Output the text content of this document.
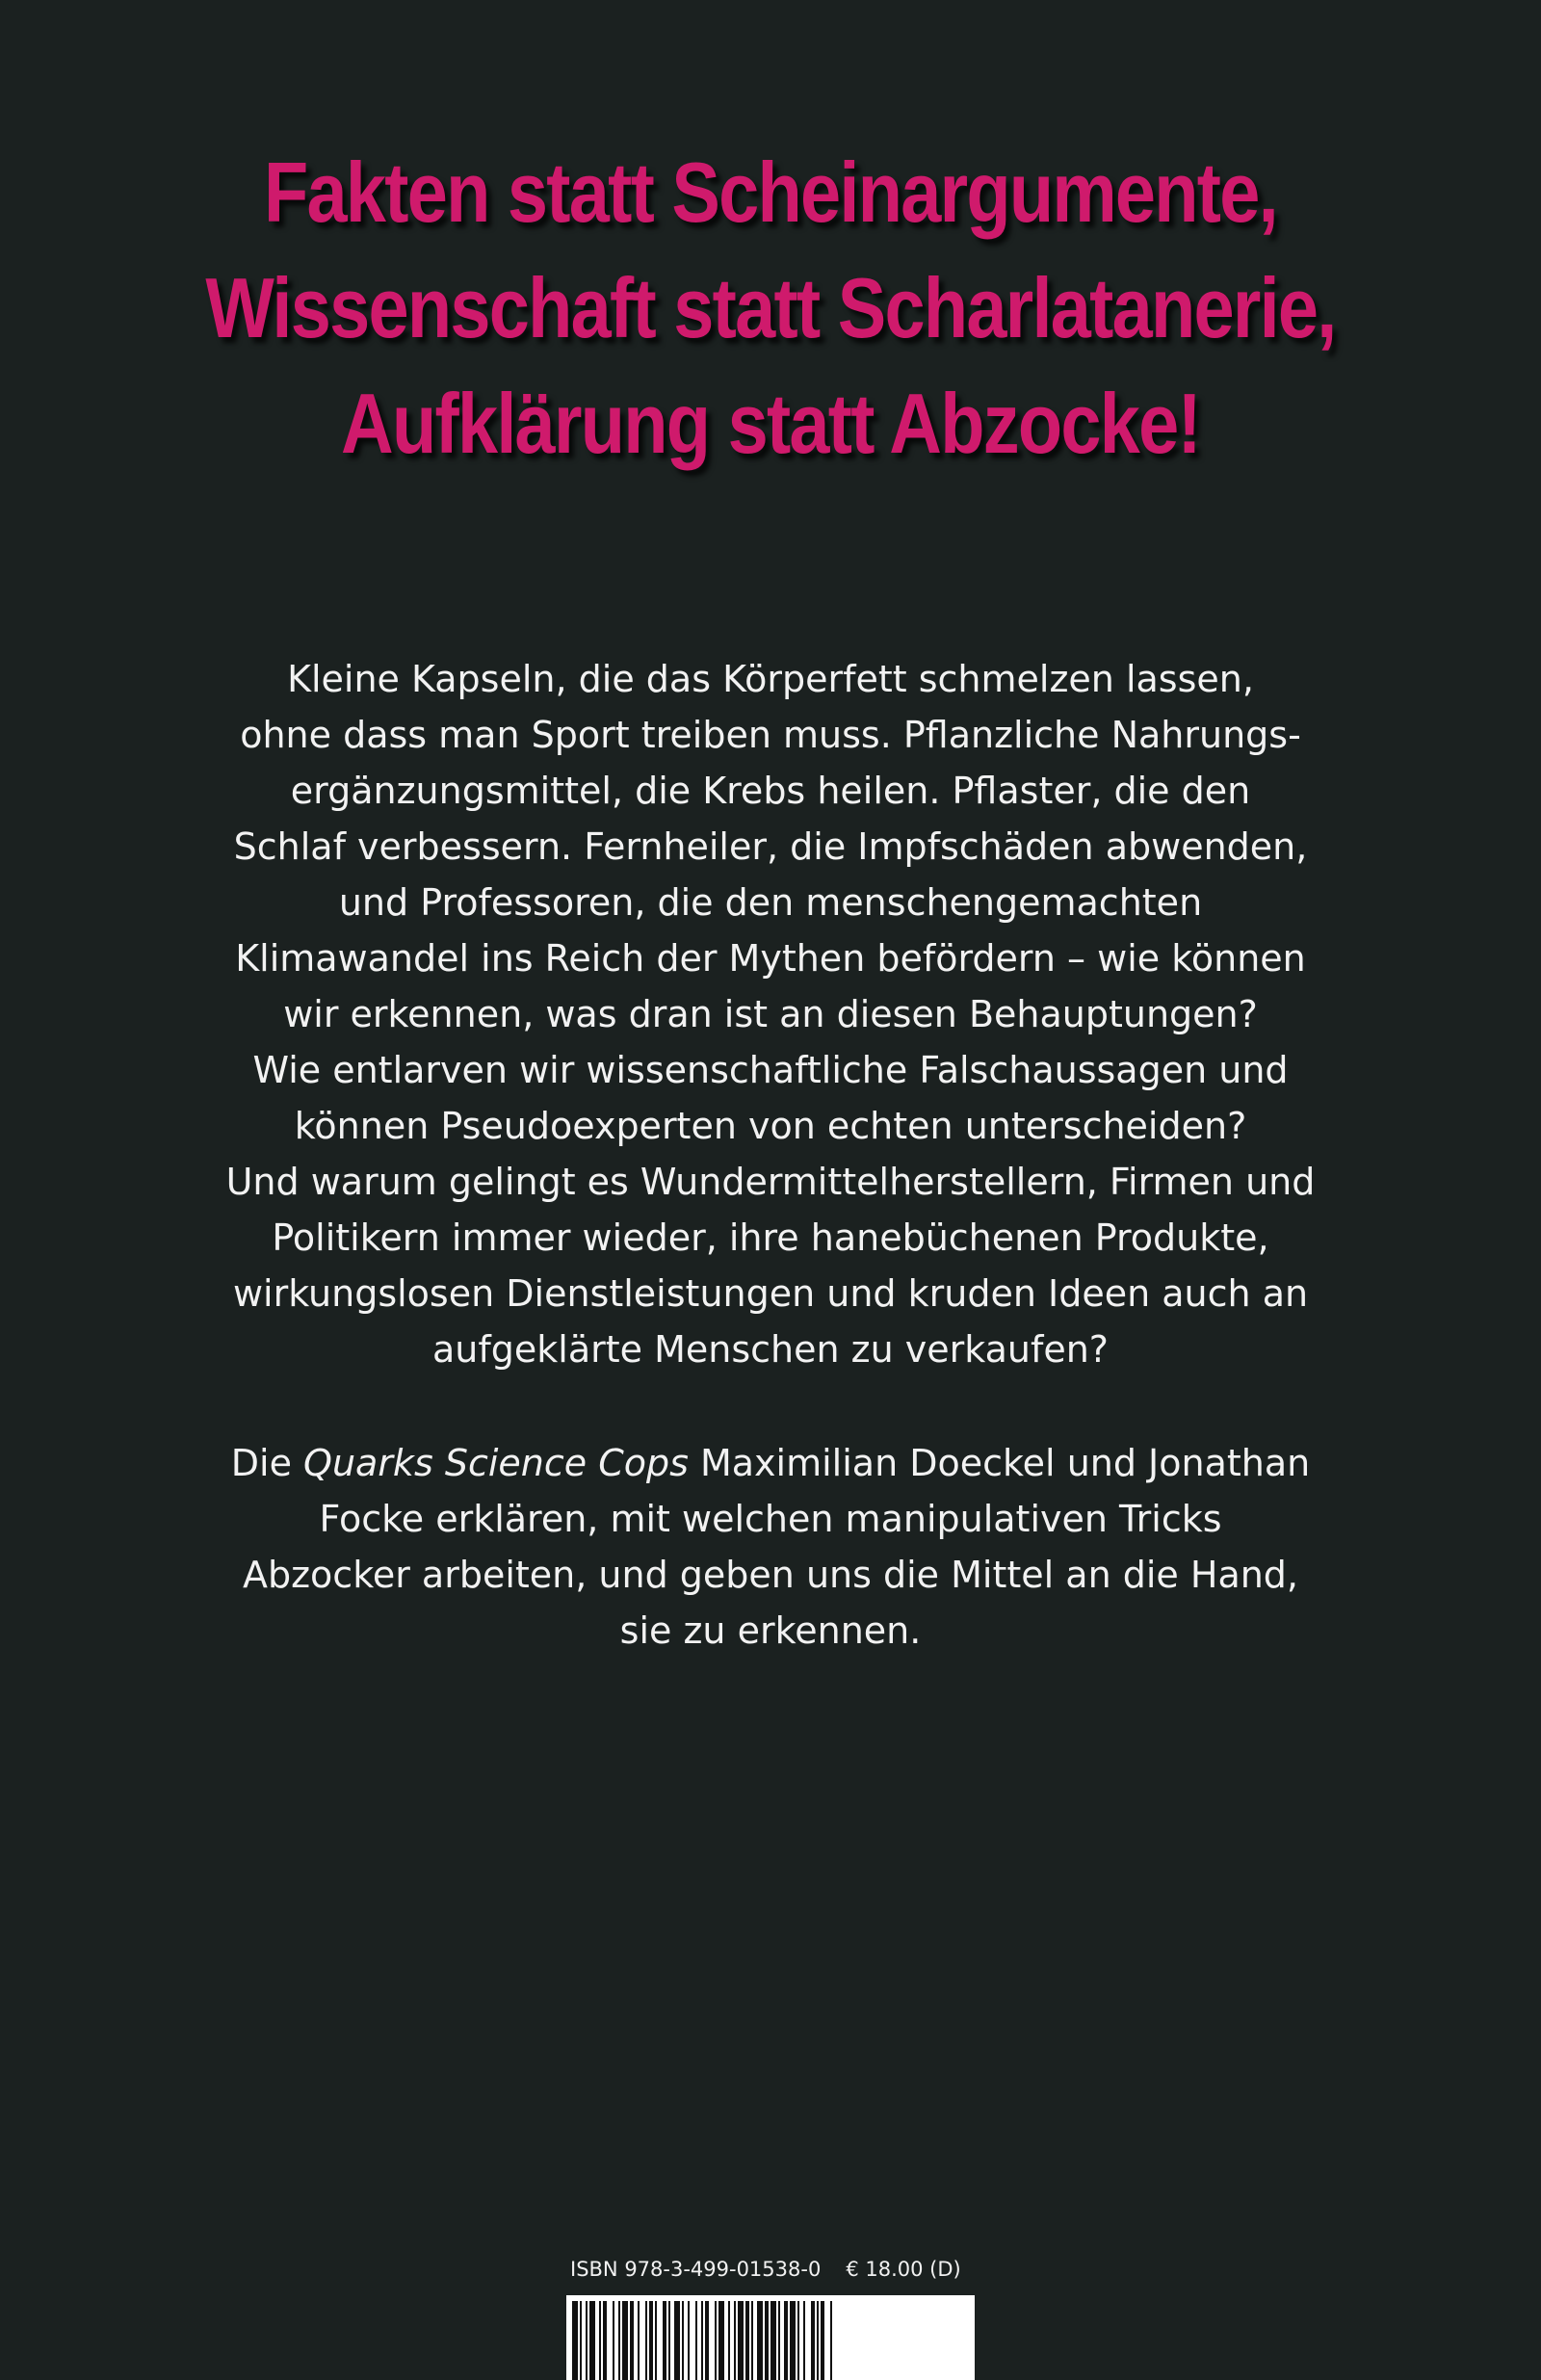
Fakten statt Scheinargumente,
Wissenschaft statt Scharlatanerie,
Aufklärung statt Abzocke!

Kleine Kapseln, die das Körperfett schmelzen lassen,
ohne dass man Sport treiben muss. Pflanzliche Nahrungs-
ergänzungsmittel, die Krebs heilen. Pflaster, die den
Schlaf verbessern. Fernheiler, die Impfschäden abwenden,
und Professoren, die den menschengemachten
Klimawandel ins Reich der Mythen befördern – wie können
wir erkennen, was dran ist an diesen Behauptungen?
Wie entlarven wir wissenschaftliche Falschaussagen und
können Pseudoexperten von echten unterscheiden?
Und warum gelingt es Wundermittelherstellern, Firmen und
Politikern immer wieder, ihre hanebüchenen Produkte,
wirkungslosen Dienstleistungen und kruden Ideen auch an
aufgeklärte Menschen zu verkaufen?

Die Quarks Science Cops Maximilian Doeckel und Jonathan
Focke erklären, mit welchen manipulativen Tricks
Abzocker arbeiten, und geben uns die Mittel an die Hand,
sie zu erkennen.

ISBN 978-3-499-01538-0 € 18.00 (D)
